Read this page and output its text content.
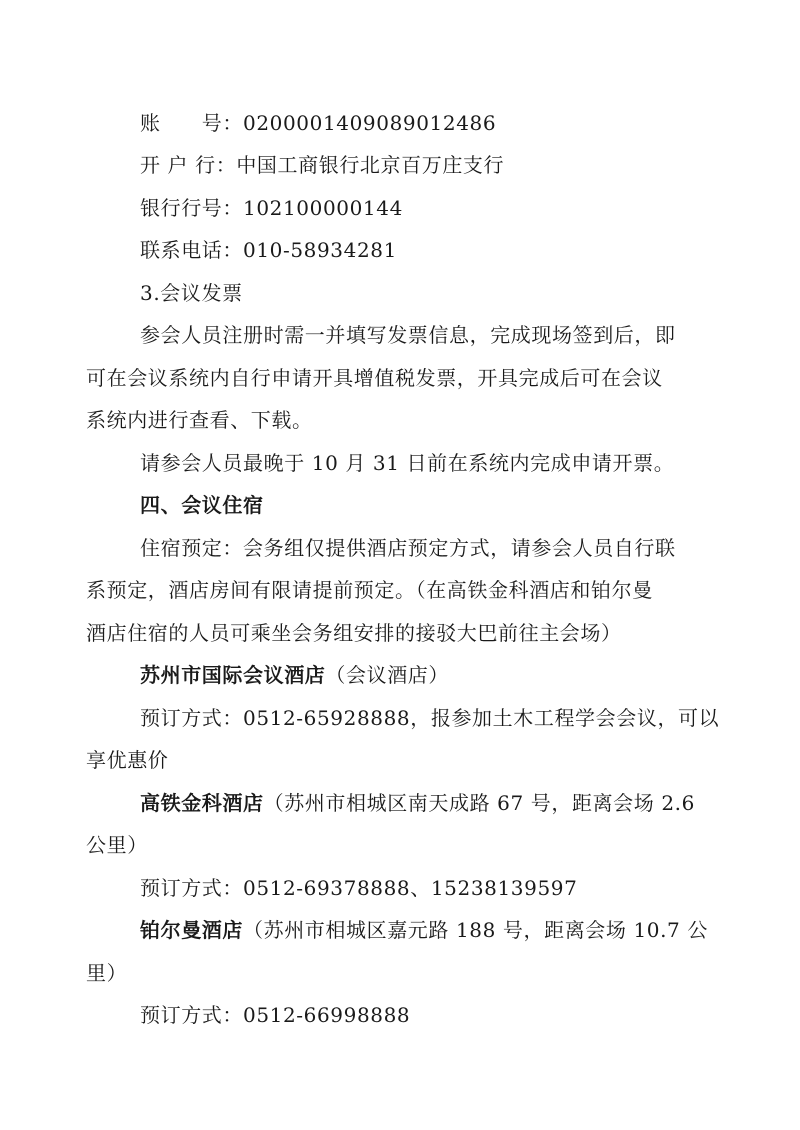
账　　号：0200001409089012486
开 户 行：中国工商银行北京百万庄支行
银行行号：102100000144
联系电话：010-58934281
3.会议发票
参会人员注册时需一并填写发票信息，完成现场签到后，即
可在会议系统内自行申请开具增值税发票，开具完成后可在会议
系统内进行查看、下载。
请参会人员最晚于 10 月 31 日前在系统内完成申请开票。
四、会议住宿
住宿预定：会务组仅提供酒店预定方式，请参会人员自行联
系预定，酒店房间有限请提前预定。（在高铁金科酒店和铂尔曼
酒店住宿的人员可乘坐会务组安排的接驳大巴前往主会场）
苏州市国际会议酒店（会议酒店）
预订方式：0512-65928888，报参加土木工程学会会议，可以
享优惠价
高铁金科酒店（苏州市相城区南天成路 67 号，距离会场 2.6
公里）
预订方式：0512-69378888、15238139597
铂尔曼酒店（苏州市相城区嘉元路 188 号，距离会场 10.7 公
里）
预订方式：0512-66998888
